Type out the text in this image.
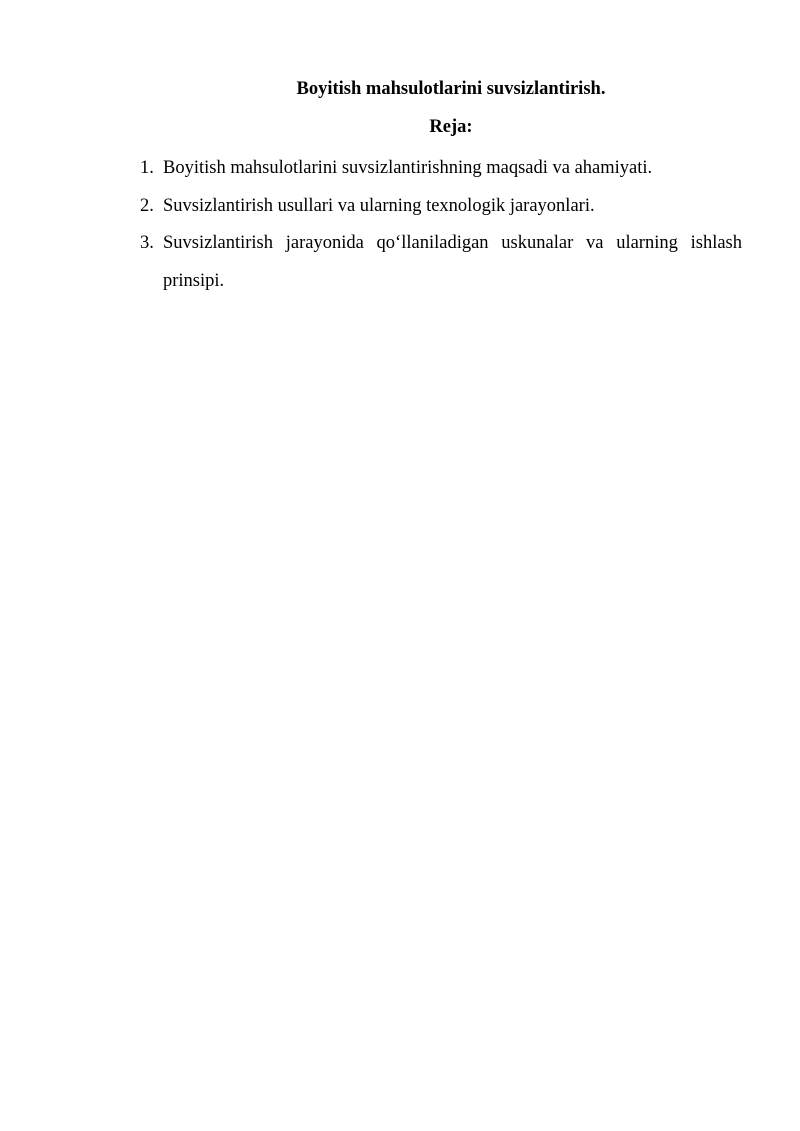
Boyitish mahsulotlarini suvsizlantirish.
Reja:
1. Boyitish mahsulotlarini suvsizlantirishning maqsadi va ahamiyati.
2. Suvsizlantirish usullari va ularning texnologik jarayonlari.
3. Suvsizlantirish jarayonida qo‘llaniladigan uskunalar va ularning ishlash prinsipi.
